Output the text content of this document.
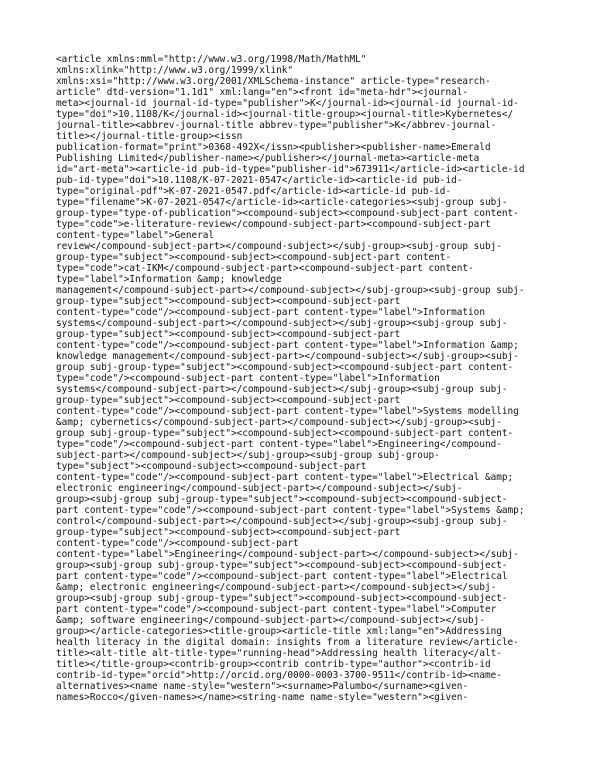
<article xmlns:mml="http://www.w3.org/1998/Math/MathML"
xmlns:xlink="http://www.w3.org/1999/xlink"
xmlns:xsi="http://www.w3.org/2001/XMLSchema-instance" article-type="research-
article" dtd-version="1.1d1" xml:lang="en"><front id="meta-hdr"><journal-
meta><journal-id journal-id-type="publisher">K</journal-id><journal-id journal-id-
type="doi">10.1108/K</journal-id><journal-title-group><journal-title>Kybernetes</
journal-title><abbrev-journal-title abbrev-type="publisher">K</abbrev-journal-
title></journal-title-group><issn
publication-format="print">0368-492X</issn><publisher><publisher-name>Emerald
Publishing Limited</publisher-name></publisher></journal-meta><article-meta
id="art-meta"><article-id pub-id-type="publisher-id">673911</article-id><article-id
pub-id-type="doi">10.1108/K-07-2021-0547</article-id><article-id pub-id-
type="original-pdf">K-07-2021-0547.pdf</article-id><article-id pub-id-
type="filename">K-07-2021-0547</article-id><article-categories><subj-group subj-
group-type="type-of-publication"><compound-subject><compound-subject-part content-
type="code">e-literature-review</compound-subject-part><compound-subject-part
content-type="label">General
review</compound-subject-part></compound-subject></subj-group><subj-group subj-
group-type="subject"><compound-subject><compound-subject-part content-
type="code">cat-IKM</compound-subject-part><compound-subject-part content-
type="label">Information &amp; knowledge
management</compound-subject-part></compound-subject></subj-group><subj-group subj-
group-type="subject"><compound-subject><compound-subject-part
content-type="code"/><compound-subject-part content-type="label">Information
systems</compound-subject-part></compound-subject></subj-group><subj-group subj-
group-type="subject"><compound-subject><compound-subject-part
content-type="code"/><compound-subject-part content-type="label">Information &amp;
knowledge management</compound-subject-part></compound-subject></subj-group><subj-
group subj-group-type="subject"><compound-subject><compound-subject-part content-
type="code"/><compound-subject-part content-type="label">Information
systems</compound-subject-part></compound-subject></subj-group><subj-group subj-
group-type="subject"><compound-subject><compound-subject-part
content-type="code"/><compound-subject-part content-type="label">Systems modelling
&amp; cybernetics</compound-subject-part></compound-subject></subj-group><subj-
group subj-group-type="subject"><compound-subject><compound-subject-part content-
type="code"/><compound-subject-part content-type="label">Engineering</compound-
subject-part></compound-subject></subj-group><subj-group subj-group-
type="subject"><compound-subject><compound-subject-part
content-type="code"/><compound-subject-part content-type="label">Electrical &amp;
electronic engineering</compound-subject-part></compound-subject></subj-
group><subj-group subj-group-type="subject"><compound-subject><compound-subject-
part content-type="code"/><compound-subject-part content-type="label">Systems &amp;
control</compound-subject-part></compound-subject></subj-group><subj-group subj-
group-type="subject"><compound-subject><compound-subject-part
content-type="code"/><compound-subject-part
content-type="label">Engineering</compound-subject-part></compound-subject></subj-
group><subj-group subj-group-type="subject"><compound-subject><compound-subject-
part content-type="code"/><compound-subject-part content-type="label">Electrical
&amp; electronic engineering</compound-subject-part></compound-subject></subj-
group><subj-group subj-group-type="subject"><compound-subject><compound-subject-
part content-type="code"/><compound-subject-part content-type="label">Computer
&amp; software engineering</compound-subject-part></compound-subject></subj-
group></article-categories><title-group><article-title xml:lang="en">Addressing
health literacy in the digital domain: insights from a literature review</article-
title><alt-title alt-title-type="running-head">Addressing health literacy</alt-
title></title-group><contrib-group><contrib contrib-type="author"><contrib-id
contrib-id-type="orcid">http://orcid.org/0000-0003-3700-9511</contrib-id><name-
alternatives><name name-style="western"><surname>Palumbo</surname><given-
names>Rocco</given-names></name><string-name name-style="western"><given-
